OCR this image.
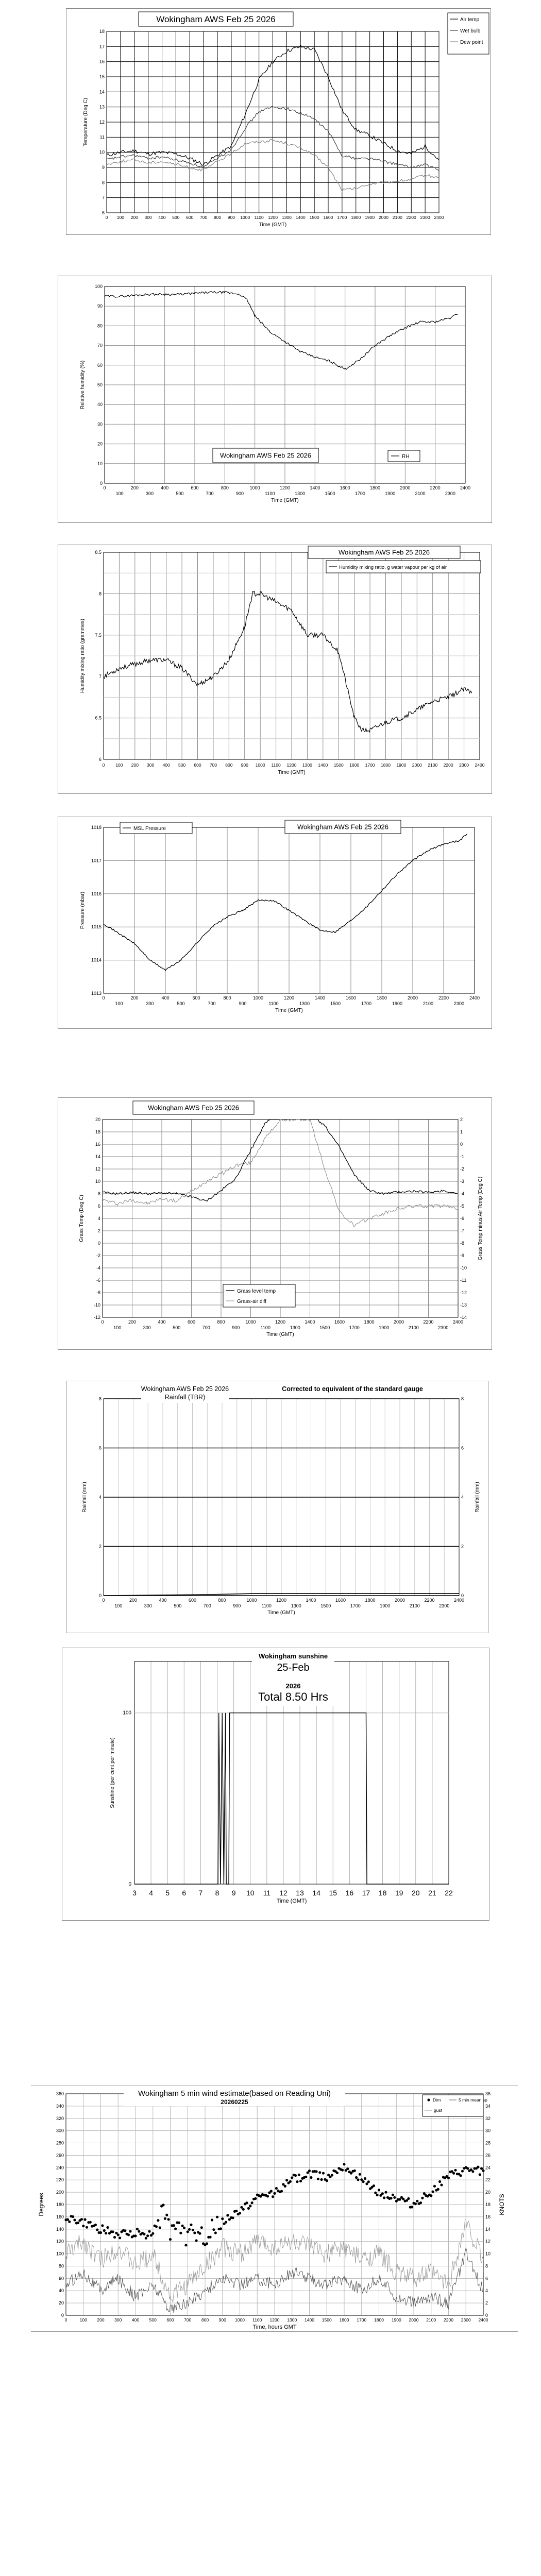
6
7
8
9
10
11
12
13
14
15
16
17
18
0 100 200 300 400 500 600 700 800 900 1000 1100 1200 1300 1400 1500 1600 1700 1800 1900 2000 2100 2200 2300 2400
Time (GMT)
Temperature (Deg C)
Wokingham AWS Feb 25 2026	Air temp
Wet bulb
Dew point
0
10
20
30
40
50
60
70
80
90
100
0	200	400	600	800	1000	1200	1400	1600	1800	2000	2200	2400
100	300	500	700	900	1100	1300	1500	1700	1900	2100	2300
Time (GMT)
Relative humidity (%)
Wokingham AWS Feb 25 2026	RH
6
6.5
7
7.5
8
8.5
0 100 200 300 400 500 600 700 800 900 1000 1100 1200 1300 1400 1500 1600 1700 1800 1900 2000 2100 2200 2300 2400
Time (GMT)
Humidity mixing ratio (grammes)
Wokingham AWS Feb 25 2026
Humidity mixing ratio, g water vapour per kg of air
1013
1014
1015
1016
1017
1018
0	200	400	600	800	1000	1200	1400	1600	1800	2000	2200	2400
100	300	500	700	900	1100	1300	1500	1700	1900	2100	2300
Time (GMT)
Pressure (mbar)
MSL Pressure	Wokingham AWS Feb 25 2026
-12
-10
-8
-6
-4
-2
0
2
4
6
8
10
12
14
16
18
20
-14
-13
-12
-11
-10
-9
-8
-7
-6
-5
-4
-3
-2
-1
0
1
2
0	200	400	600	800	1000	1200	1400	1600	1800	2000	2200	2400
100	300	500	700	900	1100	1300	1500	1700	1900	2100	2300
Time (GMT)
Grass Temp (Deg C)	Grass Temp minus Air Temp (Deg C)
Wokingham AWS Feb 25 2026
Grass level temp
Grass-air diff
0
2
4
6
8
0
2
4
6
8
0	200	400	600	800	1000	1200	1400	1600	1800	2000	2200	2400
100	300	500	700	900	1100	1300	1500	1700	1900	2100	2300
Time (GMT)
Rainfall (mm)	Rainfall (mm)
Wokingham AWS Feb 25 2026
Rainfall (TBR)
Corrected to equivalent of the standard gauge
0
100
3 4 5 6 7 8 9 10 11 12 13 14 15 16 17 18 19 20 21 22
Time (GMT)
Sunshine (per cent per minute)
Wokingham sunshine
25-Feb
2026
Total 8.50 Hrs
0
20
40
60
80
100
120
140
160
180
200
220
240
260
280
300
320
340
360
0
2
4
6
8
10
12
14
16
18
20
22
24
26
28
30
32
34
36
0	100 200 300 400 500 600 700 800 900 1000 1100 1200 1300 1400 1500 1600 1700 1800 1900 2000 2100 2200 2300 2400
Time, hours GMT
Degrees	KNOTS
Wokingham 5 min wind estimate(based on Reading Uni)
20260225	Dirn	5 min mean sp
gust
